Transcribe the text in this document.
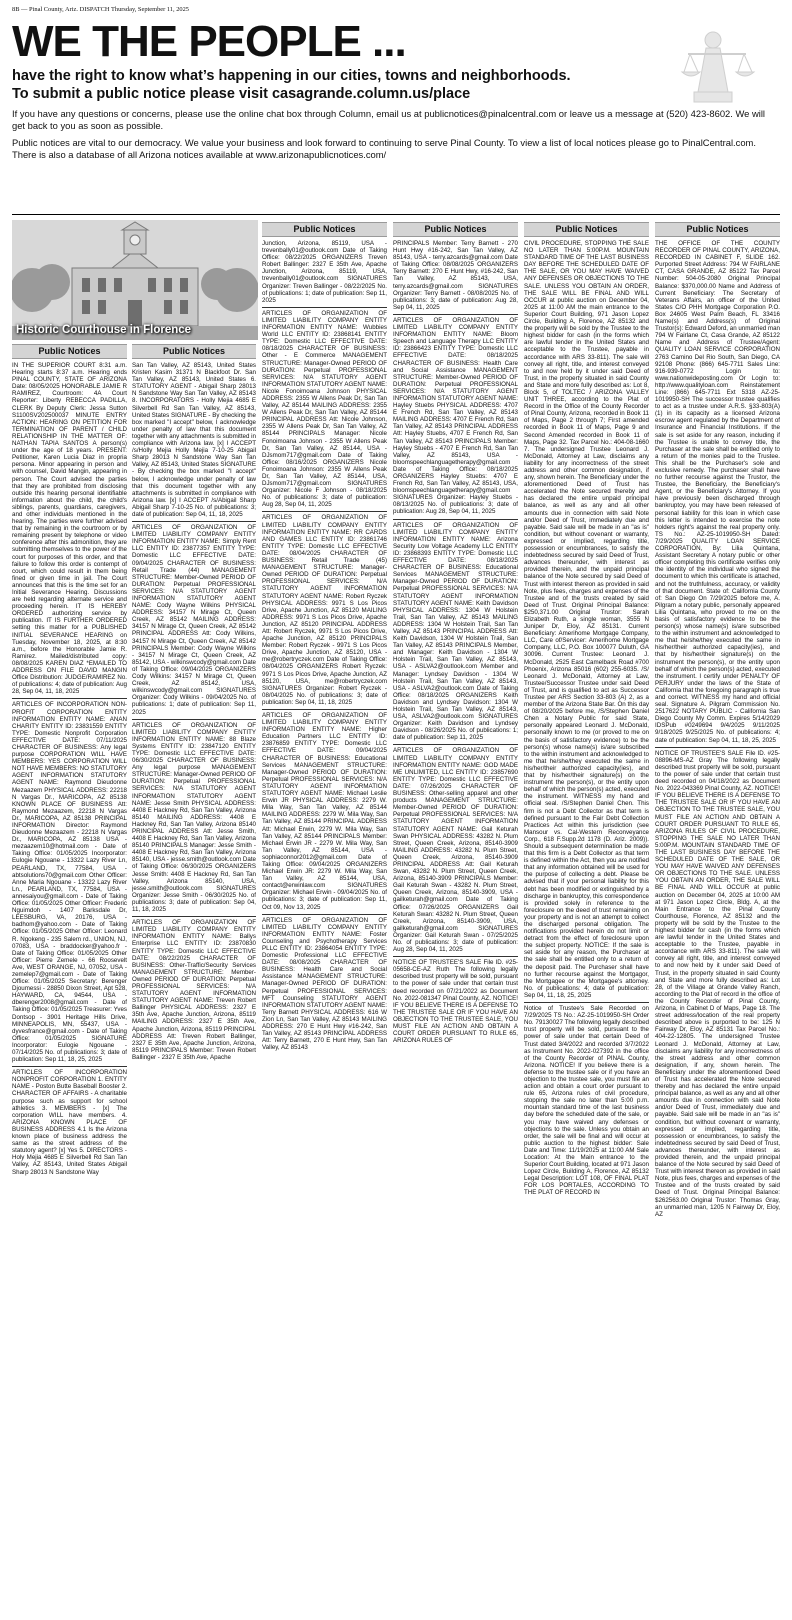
8B — Pinal County, Ariz. DISPATCH Thursday, September 11, 2025
WE THE PEOPLE ...
have the right to know what’s happening in our cities, towns and neighborhoods.
To submit a public notice please visit casagrande.column.us/place

If you have any questions or concerns, please use the online chat box through Column, email us at publicnotices@pinalcentral.com or leave us a message at (520) 423-8602. We will get back to you as soon as possible.

Public notices are vital to our democracy. We value your business and look forward to continuing to serve Pinal County. To view a list of local notices please go to PinalCentral.com. There is also a database of all Arizona notices available at www.arizonapublicnotices.com/

Historic Courthouse in Florence
Public Notices

IN THE SUPERIOR COURT 8:31 a.m. Hearing starts 8:37 a.m. Hearing ends PINAL COUNTY, STATE OF ARIZONA Date: 08/05/2025 HONORABLE JAMIE R RAMIREZ, Courtroom: 4A Court Reporter: Liberty REBECCA PADILLA, CLERK By Deputy Clerk: Jessa Sutton S1100SV202500037 MINUTE ENTRY ACTION: HEARING ON PETITION FOR TERMINATION OF PARENT / CHILD RELATIONSHIP IN THE MATTER OF: NATHAN TAPIA SANTOS A person(s) under the age of 18 years. PRESENT: Petitioner, Karen Lucia Diaz in propria persona. Minor appearing in person and with counsel, David Mangin, appearing in person. The Court advised the parties that they are prohibited from disclosing outside this hearing personal identifiable information about the child, the child's siblings, parents, guardians, caregivers, and other individuals mentioned in the hearing. The parties were further advised that by remaining in the courtroom or by remaining present by telephone or video conference after this admonition, they are submitting themselves to the power of the court for purposes of this order, and that failure to follow this order is contempt of court, which could result in them being fined or given time in jail. The Court announces that this is the time set for an Initial Severance Hearing. Discussions are held regarding alternate service and proceeding herein. IT IS HEREBY ORDERED authorizing service by publication. IT IS FURTHER ORDERED setting this matter for a PUBLISHED INITIAL SEVERANCE HEARING on Tuesday, November 18, 2025, at 8:30 a.m., before the Honorable Jamie R. Ramirez. Mailed/distributed copy: 08/08/2025 KAREN DIAZ *EMAILED TO ADDRESS ON FILE DAVID MANGIN Office Distribution: JUDGE/RAMIREZ No. of publications: 4; date of publication: Aug 28, Sep 04, 11, 18, 2025

ARTICLES OF INCORPORATION NON-PROFIT CORPORATION ENTITY INFORMATION ENTITY NAME: ANAN CHARITY ENTITY ID: 23831559 ENTITY TYPE: Domestic Nonprofit Corporation EFFECTIVE DATE: 07/11/2025 CHARACTER OF BUSINESS: Any legal purpose CORPORATION WILL HAVE MEMBERS: YES CORPORATION WILL NOT HAVE MEMBERS: NO STATUTORY AGENT INFORMATION STATUTORY AGENT NAME: Raymond Dieudonne Mezaazem PHYSICAL ADDRESS: 22218 N Vargas Dr., MARICOPA, AZ 85138 KNOWN PLACE OF BUSINESS Att: Raymond Mezaazem, 22218 N Vargas Dr., MARICOPA, AZ 85138 PRINCIPAL INFORMATION Director: Raymond Dieudonne Mezaazem - 22218 N Vargas Dr., MARICOPA, AZ 85138 USA - mezaazem10@hotmail.com - Date of Taking Office: 01/05/2025 Incorporator: Eulogie Ngouane - 13322 Lazy River Ln, PEARLAND, TX, 77584, USA - abtsolutions70@gmail.com Other Officer: Anne Maria Ngouane - 13322 Lazy River Ln., PEARLAND, TX, 77584, USA - annesaiyou@gmail.com - Date of Taking Office: 01/05/2025 Other Officer: Frederic Nguimdoh - 1407 Barksdale Dr, LEESBURG, VA, 20176, USA - badhom@yahoo.com - Date of Taking Office: 01/05/2025 Other Officer: Leonard R. Ngokeng - 235 Salem rd., UNION, NJ, 07083, USA - braddocker@yahoo.fr - Date of Taking Office: 01/05/2025 Other Officer: Pierre Zemele - 66 Roosevelt Ave, WEST ORANGE, NJ, 07052, USA - zemelep7@gmail.com - Date of Taking Office: 01/05/2025 Secretary: Berenger Djoumessi - 28850 Dixon Street, Apt 528, HAYWARD, CA, 94544, USA - dberenger2008@gmail.com - Date of Taking Office: 01/05/2025 Treasurer: Yves Dontsop - 3901 Heritage Hills Drive, MINNEAPOLIS, MN, 55437, USA - dyvesfrance@gmail.com - Date of Taking Office: 01/05/2025 SIGNATURE Incorporator: Eulogie Ngouane - 07/14/2025 No. of publications: 3; date of publication: Sep 11, 18, 25, 2025

ARTICLES OF INCORPORATION NONPROFIT CORPORATION 1. ENTITY NAME - Poston Butte Baseball Booster 2. CHARACTER OF AFFAIRS - A charitable purpose such as support for school athletics 3. MEMBERS - [x] The corporation WILL have members. 4. ARIZONA KNOWN PLACE OF BUSINESS ADDRESS 4.1 Is the Arizona known place of business address the same as the street address of the statutory agent? [x] Yes 5. DIRECTORS - Holy Mejia 4685 E Silverbell Rd San Tan Valley, AZ 85143, United States Abigail Sharp 28013 N Sandstone Way

Public Notices

San Tan Valley, AZ 85143, United States Kristen Kasim 31371 N Blackfoot Dr. San Tan Valley, AZ 85143, United States 6. STATUTORY AGENT - Abigail Sharp 28013 N Sandstone Way San Tan Valley, AZ 85143 8. INCORPORATORS - Holly Mejia 4685 E Silverbell Rd San Tan Valley, AZ 85143, United States SIGNATURE - By checking the box marked "I accept" below, I acknowledge under penalty of law that this document together with any attachments is submitted in compliance with Arizona law. [x] I ACCEPT /s/Holly Mejia Holly Mejia 7-10-25 Abigail Sharp 28013 N Sandstone Way San Tan Valley, AZ 85143, United States SIGNATURE - By checking the box marked "I accept" below, I acknowledge under penalty of law that this document together with any attachments is submitted in compliance with Arizona law. [x] I ACCEPT /s/Abigail Sharp Abigail Sharp 7-10-25 No. of publications: 3; date of publication: Sep 04, 11, 18, 2025

ARTICLES OF ORGANIZATION OF LIMITED LIABILITY COMPANY ENTITY INFORMATION ENTITY NAME: Simply Rent LLC ENTITY ID: 23877357 ENTITY TYPE: Domestic LLC EFFECTIVE DATE: 09/04/2025 CHARACTER OF BUSINESS: Retail Trade (44) MANAGEMENT STRUCTURE: Member-Owned PERIOD OF DURATION: Perpetual PROFESSIONAL SERVICES: N/A STATUTORY AGENT INFORMATION STATUTORY AGENT NAME: Cody Wayne Wilkins PHYSICAL ADDRESS: 34157 N Mirage Ct, Queen Creek, AZ 85142 MAILING ADDRESS: 34157 N Mirage Ct, Queen Creek, AZ 85142 PRINCIPAL ADDRESS Att: Cody Wilkins, 34157 N Mirage Ct, Queen Creek, AZ 85142 PRINCIPALS Member: Cody Wayne Wilkins - 34157 N Mirage Ct, Queen Creek, AZ 85142, USA - wilkinswcody@gmail.com Date of Taking Office: 09/04/2025 ORGANIZERS Cody Wilkins: 34157 N Mirage Ct, Queen Creek, AZ 85142, USA, wilkinswcody@gmail.com SIGNATURES Organizer: Cody Wilkins - 09/04/2025 No. of publications: 1; date of publication: Sep 11, 2025

ARTICLES OF ORGANIZATION OF LIMITED LIABILITY COMPANY ENTITY INFORMATION ENTITY NAME: 88 Blaze Systems ENTITY ID: 23847120 ENTITY TYPE: Domestic LLC EFFECTIVE DATE: 06/30/2025 CHARACTER OF BUSINESS: Any legal purpose MANAGEMENT STRUCTURE: Manager-Owned PERIOD OF DURATION: Perpetual PROFESSIONAL SERVICES: N/A STATUTORY AGENT INFORMATION STATUTORY AGENT NAME: Jesse Smith PHYSICAL ADDRESS: 4408 E Hackney Rd, San Tan Valley, Arizona 85140 MAILING ADDRESS: 4408 E Hackney Rd, San Tan Valley, Arizona 85140 PRINCIPAL ADDRESS Att: Jesse Smith, 4408 E Hackney Rd, San Tan Valley, Arizona 85140 PRINCIPALS Manager: Jesse Smith - 4408 E Hackney Rd, San Tan Valley, Arizona 85140, USA - jesse.smith@outlook.com Date of Taking Office: 06/30/2025 ORGANIZERS Jesse Smith: 4408 E Hackney Rd, San Tan Valley, Arizona 85140, USA, jesse.smith@outlook.com SIGNATURES Organizer: Jesse Smith - 06/30/2025 No. of publications: 3; date of publication: Sep 04, 11, 18, 2025

ARTICLES OF ORGANIZATION OF LIMITED LIABILITY COMPANY ENTITY INFORMATION ENTITY NAME: Ballys Enterprise LLC ENTITY ID: 23870830 ENTITY TYPE: Domestic LLC EFFECTIVE DATE: 08/22/2025 CHARACTER OF BUSINESS: Other-Traffic/Security Services MANAGEMENT STRUCTURE: Member-Owned PERIOD OF DURATION: Perpetual PROFESSIONAL SERVICES: N/A STATUTORY AGENT INFORMATION STATUTORY AGENT NAME: Treven Robert Ballinger PHYSICAL ADDRESS: 2327 E 35th Ave, Apache Junction, Arizona, 85119 MAILING ADDRESS: 2327 E 35th Ave, Apache Junction, Arizona, 85119 PRINCIPAL ADDRESS Att: Treven Robert Ballinger, 2327 E 35th Ave, Apache Junction, Arizona, 85119 PRINCIPALS Member: Treven Robert Ballinger - 2327 E 35th Ave, Apache

Public Notices

Junction, Arizona, 85119, USA - trevenbally01@outlook.com Date of Taking Office: 08/22/2025 ORGANIZERS Treven Robert Ballinger: 2327 E 35th Ave, Apache Junction, Arizona, 85119, USA, trevenbally01@outlook.com SIGNATURES Organizer: Treven Ballinger - 08/22/2025 No. of publications: 1; date of publication: Sep 11, 2025

ARTICLES OF ORGANIZATION OF LIMITED LIABILITY COMPANY ENTITY INFORMATION ENTITY NAME: Wubbies World LLC ENTITY ID: 23868141 ENTITY TYPE: Domestic LLC EFFECTIVE DATE: 08/18/2025 CHARACTER OF BUSINESS: Other - E Commerce MANAGEMENT STRUCTURE: Manager-Owned PERIOD OF DURATION: Perpetual PROFESSIONAL SERVICES: N/A STATUTORY AGENT INFORMATION STATUTORY AGENT NAME: Nicole Fonoimoana Johnson PHYSICAL ADDRESS: 2355 W Allens Peak Dr, San Tan Valley, AZ 85144 MAILING ADDRESS: 2355 W Allens Peak Dr, San Tan Valley, AZ 85144 PRINCIPAL ADDRESS Att: Nicole Johnson, 2355 W Allens Peak Dr, San Tan Valley, AZ 85144 PRINCIPALS Manager: Nicole Fonoimoana Johnson - 2355 W Allens Peak Dr, San Tan Valley, AZ 85144, USA - DJsmom717@gmail.com Date of Taking Office: 08/16/2025 ORGANIZERS Nicole Fonoimoana Johnson: 2355 W Allens Peak Dr, San Tan Valley, AZ 85144, USA, DJsmom717@gmail.com SIGNATURES Organizer: Nicole F Johnson - 08/18/2025 No. of publications: 3; date of publication: Aug 28, Sep 04, 11, 2025

ARTICLES OF ORGANIZATION OF LIMITED LIABILITY COMPANY ENTITY INFORMATION ENTITY NAME: RR CARDS AND GAMES LLC ENTITY ID: 23861746 ENTITY TYPE: Domestic LLC EFFECTIVE DATE: 08/04/2025 CHARACTER OF BUSINESS: Retail Trade (45) MANAGEMENT STRUCTURE: Manager-Owned PERIOD OF DURATION: Perpetual PROFESSIONAL SERVICES: N/A STATUTORY AGENT INFORMATION STATUTORY AGENT NAME: Robert Ryczek PHYSICAL ADDRESS: 9971 S Los Picos Drive, Apache Junction, AZ 85120 MAILING ADDRESS: 9971 S Los Picos Drive, Apache Junction, AZ 85120 PRINCIPAL ADDRESS Att: Robert Ryczek, 9971 S Los Picos Drive, Apache Junction, AZ 85120 PRINCIPALS Member: Robert Ryczek - 9971 S Los Picos Drive, Apache Junction, AZ 85120, USA - me@robertryczek.com Date of Taking Office: 08/04/2025 ORGANIZERS Robert Ryczek: 9971 S Los Picos Drive, Apache Junction, AZ 85120, USA, me@robertryczek.com SIGNATURES Organizer: Robert Ryczek - 08/04/2025 No. of publications: 3; date of publication: Sep 04, 11, 18, 2025

ARTICLES OF ORGANIZATION OF LIMITED LIABILITY COMPANY ENTITY INFORMATION ENTITY NAME: Higher Education Partners LLC ENTITY ID: 23876859 ENTITY TYPE: Domestic LLC EFFECTIVE DATE: 09/04/2025 CHARACTER OF BUSINESS: Educational Services MANAGEMENT STRUCTURE: Manager-Owned PERIOD OF DURATION: Perpetual PROFESSIONAL SERVICES: N/A STATUTORY AGENT INFORMATION STATUTORY AGENT NAME: Michael Leslie Erwin JR PHYSICAL ADDRESS: 2279 W. Mila Way, San Tan Valley, AZ 85144 MAILING ADDRESS: 2279 W. Mila Way, San Tan Valley, AZ 85144 PRINCIPAL ADDRESS Att: Michael Erwin, 2279 W. Mila Way, San Tan Valley, AZ 85144 PRINCIPALS Member: Michael Erwin JR - 2279 W. Mila Way, San Tan Valley, AZ 85144, USA - sophiaconnor2012@gmail.com Date of Taking Office: 09/04/2025 ORGANIZERS Michael Erwin JR: 2279 W. Mila Way, San Tan Valley, AZ 85144, USA, contact@erwinlaw.com SIGNATURES Organizer: Michael Erwin - 09/04/2025 No. of publications: 3; date of publication: Sep 11, Oct 09, Nov 13, 2025

ARTICLES OF ORGANIZATION OF LIMITED LIABILITY COMPANY ENTITY INFORMATION ENTITY NAME: Foster Counseling and Psychotherapy Services PLLC ENTITY ID: 23864054 ENTITY TYPE: Domestic Professional LLC EFFECTIVE DATE: 08/08/2025 CHARACTER OF BUSINESS: Health Care and Social Assistance MANAGEMENT STRUCTURE: Manager-Owned PERIOD OF DURATION: Perpetual PROFESSIONAL SERVICES: MFT Counseling STATUTORY AGENT INFORMATION STATUTORY AGENT NAME: Terry Barnett PHYSICAL ADDRESS: 616 W Zion Ln, San Tan Valley, AZ 85143 MAILING ADDRESS: 270 E Hunt Hwy #16-242, San Tan Valley, AZ 85143 PRINCIPAL ADDRESS Att: Terry Barnett, 270 E Hunt Hwy, San Tan Valley, AZ 85143

Public Notices

PRINCIPALS Member: Terry Barnett - 270 Hunt Hwy #16-242, San Tan Valley, AZ 85143, USA - terry.azcards@gmail.com Date of Taking Office: 08/08/2025 ORGANIZERS Terry Barnett: 270 E Hunt Hwy, #16-242, San Tan Valley, AZ 85143, USA, terry.azcards@gmail.com SIGNATURES Organizer: Terry Barnett - 08/08/2025 No. of publications: 3; date of publication: Aug 28, Sep 04, 11, 2025

ARTICLES OF ORGANIZATION OF LIMITED LIABILITY COMPANY ENTITY INFORMATION ENTITY NAME: Bloom Speech and Language Therapy LLC ENTITY ID: 23866423 ENTITY TYPE: Domestic LLC EFFECTIVE DATE: 08/18/2025 CHARACTER OF BUSINESS: Health Care and Social Assistance MANAGEMENT STRUCTURE: Member-Owned PERIOD OF DURATION: Perpetual PROFESSIONAL SERVICES: N/A STATUTORY AGENT INFORMATION STATUTORY AGENT NAME: Hayley Stuebs PHYSICAL ADDRESS: 4707 E French Rd, San Tan Valley, AZ 85143 MAILING ADDRESS: 4707 E French Rd, San Tan Valley, AZ 85143 PRINCIPAL ADDRESS Att: Hayley Stuebs, 4707 E French Rd, San Tan Valley, AZ 85143 PRINCIPALS Member: Hayley Stuebs - 4707 E French Rd, San Tan Valley, AZ 85143, USA - bloomspeechlanguagetherapy@gmail.com Date of Taking Office: 08/18/2025 ORGANIZERS Hayley Stuebs: 4707 E French Rd, San Tan Valley, AZ 85143, USA, bloomspeechlanguagetherapy@gmail.com SIGNATURES Organizer: Hayley Stuebs - 08/13/2025 No. of publications: 3; date of publication: Aug 28, Sep 04, 11, 2025

ARTICLES OF ORGANIZATION OF LIMITED LIABILITY COMPANY ENTITY INFORMATION ENTITY NAME: Arizona Security Low Voltage Academy LLC ENTITY ID: 23868393 ENTITY TYPE: Domestic LLC EFFECTIVE DATE: 08/18/2025 CHARACTER OF BUSINESS: Educational Services MANAGEMENT STRUCTURE: Manager-Owned PERIOD OF DURATION: Perpetual PROFESSIONAL SERVICES: N/A STATUTORY AGENT INFORMATION STATUTORY AGENT NAME: Keith Davidson PHYSICAL ADDRESS: 1304 W Holstein Trail, San Tan Valley, AZ 85143 MAILING ADDRESS: 1304 W Holstein Trail, San Tan Valley, AZ 85143 PRINCIPAL ADDRESS Att: Keith Davidson, 1304 W Holstein Trail, San Tan Valley, AZ 85143 PRINCIPALS Member, and Manager: Keith Davidson - 1304 W Holstein Trail, San Tan Valley, AZ 85143, USA - ASLVA2@outlook.com Member and Manager: Lyndsey Davidson - 1304 W Holstein Trail, San Tan Valley, AZ 85143, USA - ASLVA2@outlook.com Date of Taking Office: 08/18/2025 ORGANIZERS Keith Davidson and Lyndsey Davidson: 1304 W Holstein Trail, San Tan Valley, AZ 85143, USA, ASLVA2@outlook.com SIGNATURES Organizer: Keith Davidson and Lyndsey Davidson - 08/26/2025 No. of publications: 1; date of publication: Sep 11, 2025

ARTICLES OF ORGANIZATION OF LIMITED LIABILITY COMPANY ENTITY INFORMATION ENTITY NAME: GOD MADE ME UNLIMITED, LLC ENTITY ID: 23857690 ENTITY TYPE: Domestic LLC EFFECTIVE DATE: 07/26/2025 CHARACTER OF BUSINESS: Other-selling apparel and other products MANAGEMENT STRUCTURE: Member-Owned PERIOD OF DURATION: Perpetual PROFESSIONAL SERVICES: N/A STATUTORY AGENT INFORMATION STATUTORY AGENT NAME: Gail Keturah Swan PHYSICAL ADDRESS: 43282 N. Plum Street, Queen Creek, Arizona, 85140-3909 MAILING ADDRESS: 43282 N. Plum Street, Queen Creek, Arizona, 85140-3909 PRINCIPAL ADDRESS Att: Gail Keturah Swan, 43282 N. Plum Street, Queen Creek, Arizona, 85140-3909 PRINCIPALS Member: Gail Keturah Swan - 43282 N. Plum Street, Queen Creek, Arizona, 85140-3909, USA - gailketurah@gmail.com Date of Taking Office: 07/26/2025 ORGANIZERS Gail Keturah Swan: 43282 N. Plum Street, Queen Creek, Arizona, 85140-3909, USA, gailketurah@gmail.com SIGNATURES Organizer: Gail Keturah Swan - 07/25/2025 No. of publications: 3; date of publication: Aug 28, Sep 04, 11, 2025

NOTICE OF TRUSTEE'S SALE File ID. #25-05658-CE-AZ Ruth The following legally described trust property will be sold, pursuant to the power of sale under that certain trust deed recorded on 07/21/2022 as Document No. 2022-081347 Pinal County, AZ. NOTICE! IF YOU BELIEVE THERE IS A DEFENSE TO THE TRUSTEE SALE OR IF YOU HAVE AN OBJECTION TO THE TRUSTEE SALE, YOU MUST FILE AN ACTION AND OBTAIN A COURT ORDER PURSUANT TO RULE 65, ARIZONA RULES OF

Public Notices

CIVIL PROCEDURE, STOPPING THE SALE NO LATER THAN 5:00P.M. MOUNTAIN STANDARD TIME OF THE LAST BUSINESS DAY BEFORE THE SCHEDULED DATE OF THE SALE, OR YOU MAY HAVE WAIVED ANY DEFENSES OR OBJECTIONS TO THE SALE. UNLESS YOU OBTAIN AN ORDER, THE SALE WILL BE FINAL AND WILL OCCUR at public auction on December 04, 2025 at 11:00 AM the main entrance to the Superior Court Building, 971 Jason Lopez Circle, Building A, Florence, AZ 85132 and the property will be sold by the Trustee to the highest bidder for cash (in the forms which are lawful tender in the United States and acceptable to the Trustee, payable in accordance with ARS 33-811). The sale will convey all right, title, and interest conveyed to and now held by it under said Deed of Trust, in the property situated in said County and State and more fully described as: Lot 8, Block 5, of TOLTEC / ARIZONA VALLEY UNIT THREE, according to the Plat of Record in the Office of the County Recorder of Pinal County, Arizona, recorded in Book 11 of Maps, Page 2 through 7; First amended recorded in Book 11 of Maps, Page 9 and Second Amended recorded in Book 11 of Maps, Page 32. Tax Parcel No.: 404-08-1660 7. The undersigned Trustee Leonard J. McDonald, Attorney at Law, disclaims any liability for any incorrectness of the street address and other common designation, if any, shown herein. The Beneficiary under the aforementioned Deed of Trust has accelerated the Note secured thereby and has declared the entire unpaid principal balance, as well as any and all other amounts due in connection with said Note and/or Deed of Trust, immediately due and payable. Said sale will be made in an "as is" condition, but without covenant or warranty, expressed or implied, regarding title, possession or encumbrances, to satisfy the indebtedness secured by said Deed of Trust, advances thereunder, with interest as provided therein, and the unpaid principal balance of the Note secured by said Deed of Trust with interest thereon as provided in said Note, plus fees, charges and expenses of the Trustee and of the trusts created by said Deed of Trust. Original Principal Balance: $250,371.00 Original Trustor: Sarah Elizabeth Ruth, a single woman, 3555 N Juniper Dr, Eloy, AZ 85131. Current Beneficiary: Amerihome Mortgage Company, LLC, Care of/Servicer: Amerihome Mortgage Company, LLC, P.O. Box 100077 Duluth, GA 30096. Current Trustee: Leonard J. McDonald, 2525 East Camelback Road #700 Phoenix, Arizona 85016 (602) 255-6035. /S/ Leonard J. McDonald, Attorney at Law, Trustee/Successor Trustee under said Deed of Trust, and is qualified to act as Successor Trustee per ARS Section 33-803 (A) 2, as a member of the Arizona State Bar. On this day of 08/20/2025 before me, /S/Stephen Daniel Chen a Notary Public for said State, personally appeared Leonard J. McDonald, personally known to me (or proved to me on the basis of satisfactory evidence) to be the person(s) whose name(s) is/are subscribed to the within instrument and acknowledged to me that he/she/they executed the same in his/her/their authorized capacity(ies), and that by his/her/their signature(s) on the instrument the person(s), or the entity upon behalf of which the person(s) acted, executed the instrument. WITNESS my hand and official seal. /S/Stephen Daniel Chen. This firm is not a Debt Collector as that term is defined pursuant to the Fair Debt Collection Practices Act within this jurisdiction (see Mansour vs. Cal-Western Reconveyance Corp., 618 F.Supp.2d 1178 (D. Ariz. 2009)). Should a subsequent determination be made that this firm is a Debt Collector as that term is defined within the Act, then you are notified that any information obtained will be used for the purpose of collecting a debt. Please be advised that if your personal liability for this debt has been modified or extinguished by a discharge in bankruptcy, this correspondence is provided solely in reference to the foreclosure on the deed of trust remaining on your property and is not an attempt to collect the discharged personal obligation. The notifications provided herein do not limit or detract from the effect of foreclosure upon the subject property. NOTICE: If the sale is set aside for any reason, the Purchaser at the sale shall be entitled only to a return of the deposit paid. The Purchaser shall have no further recourse against the Mortgagor, the Mortgagee or the Mortgagee's attorney. No. of publications: 4; date of publication: Sep 04, 11, 18, 25, 2025

Notice of Trustee's Sale Recorded on 7/29/2025 TS No.: AZ-25-1019950-SH Order No. 79130027 The following legally described trust property will be sold, pursuant to the power of sale under that certain Deed of Trust dated 3/4/2022 and recorded 3/7/2022 as Instrument No. 2022-027392 in the office of the County Recorder of PINAL County, Arizona. NOTICE! If you believe there is a defense to the trustee sale or if you have an objection to the trustee sale, you must file an action and obtain a court order pursuant to rule 65, Arizona rules of civil procedure, stopping the sale no later than 5:00 p.m. mountain standard time of the last business day before the scheduled date of the sale, or you may have waived any defenses or objections to the sale. Unless you obtain an order, the sale will be final and will occur at public auction to the highest bidder: Sale Date and Time: 11/19/2025 at 11:00 AM Sale Location: At the Main entrance to the Superior Court Building, located at 971 Jason Lopez Circle, Building A, Florence, AZ 85132 Legal Description: LOT 108, OF FINAL PLAT FOR LOS PORTALES, ACCORDING TO THE PLAT OF RECORD IN

Public Notices

THE OFFICE OF THE COUNTY RECORDER OF PINAL COUNTY, ARIZONA, RECORDED IN CABINET F, SLIDE 162. Purported Street Address: 794 W FAIRLANE CT, CASA GRANDE, AZ 85122 Tax Parcel Number: 504-05-2080 Original Principal Balance: $370,000.00 Name and Address of Current Beneficiary: The Secretary of Veterans Affairs, an officer of the United States C/O PHH Mortgage Corporation P.O. Box 24605 West Palm Beach, FL 33416 Name(s) and Address(s) of Original Trustor(s): Edward Deford, an unmarried man 794 W Fairlane Ct, Casa Grande, AZ 85122 Name and Address of Trustee/Agent: QUALITY LOAN SERVICE CORPORATION 2763 Camino Del Rio South, San Diego, CA 92108 Phone: (866) 645-7711 Sales Line: 916-939-0772 Login to: www.nationwideposting.com Or Login to: http://www.qualityloan.com Reinstatement Line: (866) 645-7711 Ext 5318 AZ-25-1019950-SH The successor trustee qualifies to act as a trustee under A.R.S. §33-803(A)(1) in its capacity as a licensed Arizona escrow agent regulated by the Department of Insurance and Financial Institutions. If the sale is set aside for any reason, including if the Trustee is unable to convey title, the Purchaser at the sale shall be entitled only to a return of the monies paid to the Trustee. This shall be the Purchaser's sole and exclusive remedy. The purchaser shall have no further recourse against the Trustor, the Trustee, the Beneficiary, the Beneficiary's Agent, or the Beneficiary's Attorney. If you have previously been discharged through bankruptcy, you may have been released of personal liability for this loan in which case this letter is intended to exercise the note holders right's against the real property only. TS No.: AZ-25-1019950-SH Dated: 7/29/2025 QUALITY LOAN SERVICE CORPORATION, By: Lilia Quintana, Assistant Secretary A notary public or other officer completing this certificate verifies only the identity of the individual who signed the document to which this certificate is attached, and not the truthfulness, accuracy, or validity of that document. State of: California County of: San Diego On 7/29/2025 before me, A. Pilgram a notary public, personally appeared Lilia Quintana, who proved to me on the basis of satisfactory evidence to be the person(s) whose name(s) is/are subscribed to the within instrument and acknowledged to me that he/she/they executed the same in his/her/their authorized capacity(ies), and that by his/her/their signature(s) on the instrument the person(s), or the entity upon behalf of which the person(s) acted, executed the instrument. I certify under PENALTY OF PERJURY under the laws of the State of California that the foregoing paragraph is true and correct. WITNESS my hand and official seal. Signature A. Pilgram Commission No. 2517622 NOTARY PUBLIC - California San Diego County My Comm. Expires 5/14/2029 IDSPub #0249694 9/4/2025 9/11/2025 9/18/2025 9/25/2025 No. of publications: 4; date of publication: Sep 04, 11, 18, 25, 2025

NOTICE OF TRUSTEE'S SALE File ID. #25-08896-MS-AZ Gray The following legally described trust property will be sold, pursuant to the power of sale under that certain trust deed recorded on 04/18/2022 as Document No. 2022-043369 Pinal County, AZ. NOTICE! IF YOU BELIEVE THERE IS A DEFENSE TO THE TRUSTEE SALE OR IF YOU HAVE AN OBJECTION TO THE TRUSTEE SALE, YOU MUST FILE AN ACTION AND OBTAIN A COURT ORDER PURSUANT TO RULE 65, ARIZONA RULES OF CIVIL PROCEDURE, STOPPING THE SALE NO LATER THAN 5:00P.M. MOUNTAIN STANDARD TIME OF THE LAST BUSINESS DAY BEFORE THE SCHEDULED DATE OF THE SALE, OR YOU MAY HAVE WAIVED ANY DEFENSES OR OBJECTIONS TO THE SALE. UNLESS YOU OBTAIN AN ORDER, THE SALE WILL BE FINAL AND WILL OCCUR at public auction on December 04, 2025 at 10:00 AM at 971 Jason Lopez Circle, Bldg. A, at the Main Entrance to the Pinal County Courthouse, Florence, AZ 85132 and the property will be sold by the Trustee to the highest bidder for cash (in the forms which are lawful tender in the United States and acceptable to the Trustee, payable in accordance with ARS 33-811). The sale will convey all right, title, and interest conveyed to and now held by it under said Deed of Trust, in the property situated in said County and State and more fully described as: Lot 28, of the Village at Grande Valley Ranch, according to the Plat of record in the office of the County Recorder of Pinal County, Arizona, in Cabinet D of Maps, Page 18. The street address/location of the real property described above is purported to be: 125 N Fairway Dr, Eloy, AZ 85131 Tax Parcel No.: 404-22-12805. The undersigned Trustee Leonard J. McDonald, Attorney at Law, disclaims any liability for any incorrectness of the street address and other common designation, if any, shown herein. The Beneficiary under the aforementioned Deed of Trust has accelerated the Note secured thereby and has declared the entire unpaid principal balance, as well as any and all other amounts due in connection with said Note and/or Deed of Trust, immediately due and payable. Said sale will be made in an "as is" condition, but without covenant or warranty, expressed or implied, regarding title, possession or encumbrances, to satisfy the indebtedness secured by said Deed of Trust, advances thereunder, with interest as provided therein, and the unpaid principal balance of the Note secured by said Deed of Trust with interest thereon as provided in said Note, plus fees, charges and expenses of the Trustee and of the trusts created by said Deed of Trust. Original Principal Balance: $262563.00 Original Trustor: Thomas Gray, an unmarried man, 1205 N Fairway Dr, Eloy, AZ
